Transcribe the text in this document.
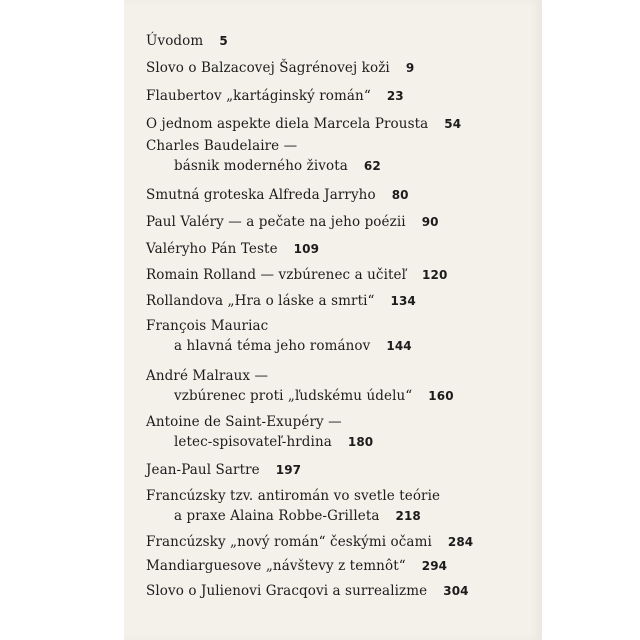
Úvodom 5
Slovo o Balzacovej Šagrénovej koži 9
Flaubertov „kartáginský román“ 23
O jednom aspekte diela Marcela Prousta 54
Charles Baudelaire —
básnik moderného života 62
Smutná groteska Alfreda Jarryho 80
Paul Valéry — a pečate na jeho poézii 90
Valéryho Pán Teste 109
Romain Rolland — vzbúrenec a učiteľ 120
Rollandova „Hra o láske a smrti“ 134
François Mauriac
a hlavná téma jeho románov 144
André Malraux —
vzbúrenec proti „ľudskému údelu“ 160
Antoine de Saint-Exupéry —
letec-spisovateľ-hrdina 180
Jean-Paul Sartre 197
Francúzsky tzv. antiromán vo svetle teórie
a praxe Alaina Robbe-Grilleta 218
Francúzsky „nový román“ českými očami 284
Mandiarguesove „návštevy z temnôt“ 294
Slovo o Julienovi Gracqovi a surrealizme 304
